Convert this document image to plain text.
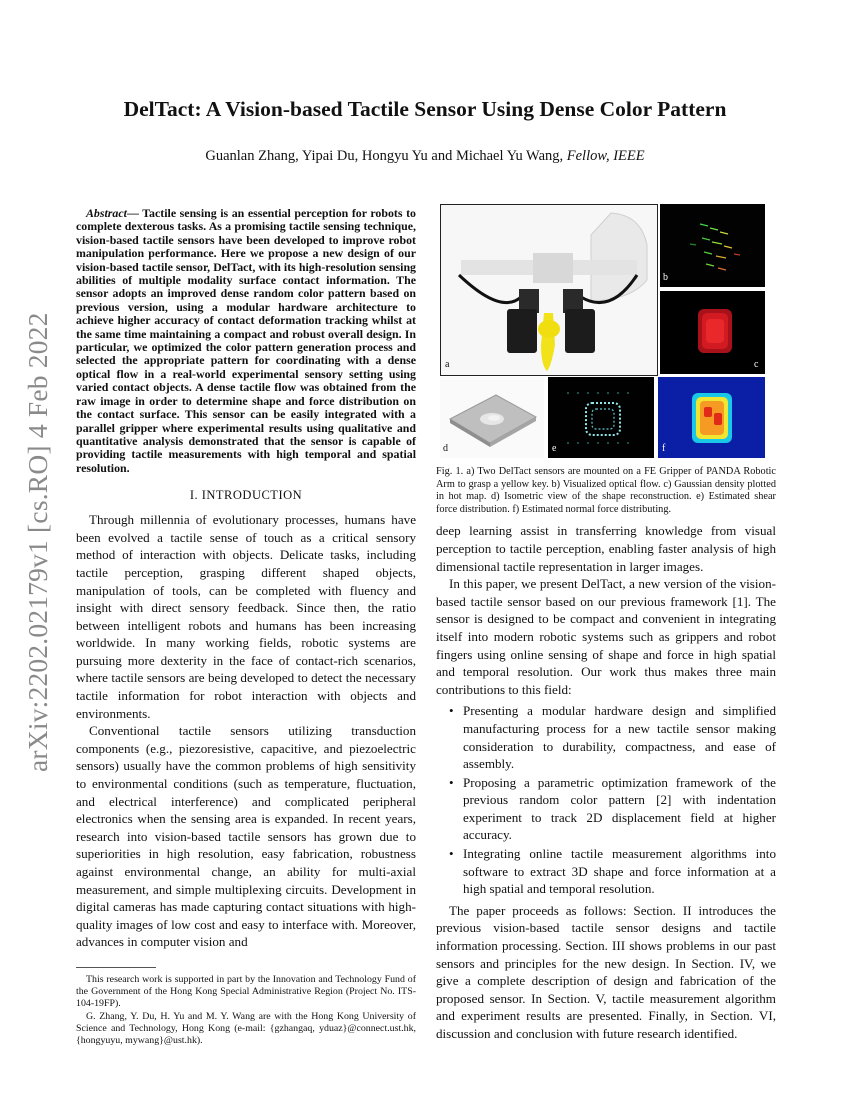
arXiv:2202.02179v1 [cs.RO] 4 Feb 2022
DelTact: A Vision-based Tactile Sensor Using Dense Color Pattern
Guanlan Zhang, Yipai Du, Hongyu Yu and Michael Yu Wang, Fellow, IEEE

Abstract— Tactile sensing is an essential perception for robots to complete dexterous tasks. As a promising tactile sensing technique, vision-based tactile sensors have been developed to improve robot manipulation performance. Here we propose a new design of our vision-based tactile sensor, DelTact, with its high-resolution sensing abilities of multiple modality surface contact information. The sensor adopts an improved dense random color pattern based on previous version, using a modular hardware architecture to achieve higher accuracy of contact deformation tracking whilst at the same time maintaining a compact and robust overall design. In particular, we optimized the color pattern generation process and selected the appropriate pattern for coordinating with a dense optical flow in a real-world experimental sensory setting using varied contact objects. A dense tactile flow was obtained from the raw image in order to determine shape and force distribution on the contact surface. This sensor can be easily integrated with a parallel gripper where experimental results using qualitative and quantitative analysis demonstrated that the sensor is capable of providing tactile measurements with high temporal and spatial resolution.

I. INTRODUCTION

Through millennia of evolutionary processes, humans have been evolved a tactile sense of touch as a critical sensory method of interaction with objects. Delicate tasks, including tactile perception, grasping different shaped objects, manipulation of tools, can be completed with fluency and insight with direct sensory feedback. Since then, the ratio between intelligent robots and humans has been increasing worldwide. In many working fields, robotic systems are pursuing more dexterity in the face of contact-rich scenarios, where tactile sensors are being developed to detect the necessary tactile information for robot interaction with objects and environments.

Conventional tactile sensors utilizing transduction components (e.g., piezoresistive, capacitive, and piezoelectric sensors) usually have the common problems of high sensitivity to environmental conditions (such as temperature, fluctuation, and electrical interference) and complicated peripheral electronics when the sensing area is expanded. In recent years, research into vision-based tactile sensors has grown due to superiorities in high resolution, easy fabrication, robustness against environmental change, an ability for multi-axial measurement, and simple multiplexing circuits. Development in digital cameras has made capturing contact situations with high-quality images of low cost and easy to interface with. Moreover, advances in computer vision and

This research work is supported in part by the Innovation and Technology Fund of the Government of the Hong Kong Special Administrative Region (Project No. ITS-104-19FP).

G. Zhang, Y. Du, H. Yu and M. Y. Wang are with the Hong Kong University of Science and Technology, Hong Kong (e-mail: {gzhangaq, yduaz}@connect.ust.hk, {hongyuyu, mywang}@ust.hk).

a
b
c
d	e	f

Fig. 1. a) Two DelTact sensors are mounted on a FE Gripper of PANDA Robotic Arm to grasp a yellow key. b) Visualized optical flow. c) Gaussian density plotted in hot map. d) Isometric view of the shape reconstruction. e) Estimated shear force distribution. f) Estimated normal force distributing.

deep learning assist in transferring knowledge from visual perception to tactile perception, enabling faster analysis of high dimensional tactile representation in larger images.

In this paper, we present DelTact, a new version of the vision-based tactile sensor based on our previous framework [1]. The sensor is designed to be compact and convenient in integrating itself into modern robotic systems such as grippers and robot fingers using online sensing of shape and force in high spatial and temporal resolution. Our work thus makes three main contributions to this field:

• Presenting a modular hardware design and simplified manufacturing process for a new tactile sensor making consideration to durability, compactness, and ease of assembly.
• Proposing a parametric optimization framework of the previous random color pattern [2] with indentation experiment to track 2D displacement field at higher accuracy.
• Integrating online tactile measurement algorithms into software to extract 3D shape and force information at a high spatial and temporal resolution.

The paper proceeds as follows: Section. II introduces the previous vision-based tactile sensor designs and tactile information processing. Section. III shows problems in our past sensors and principles for the new design. In Section. IV, we give a complete description of design and fabrication of the proposed sensor. In Section. V, tactile measurement algorithm and experiment results are presented. Finally, in Section. VI, discussion and conclusion with future research identified.
